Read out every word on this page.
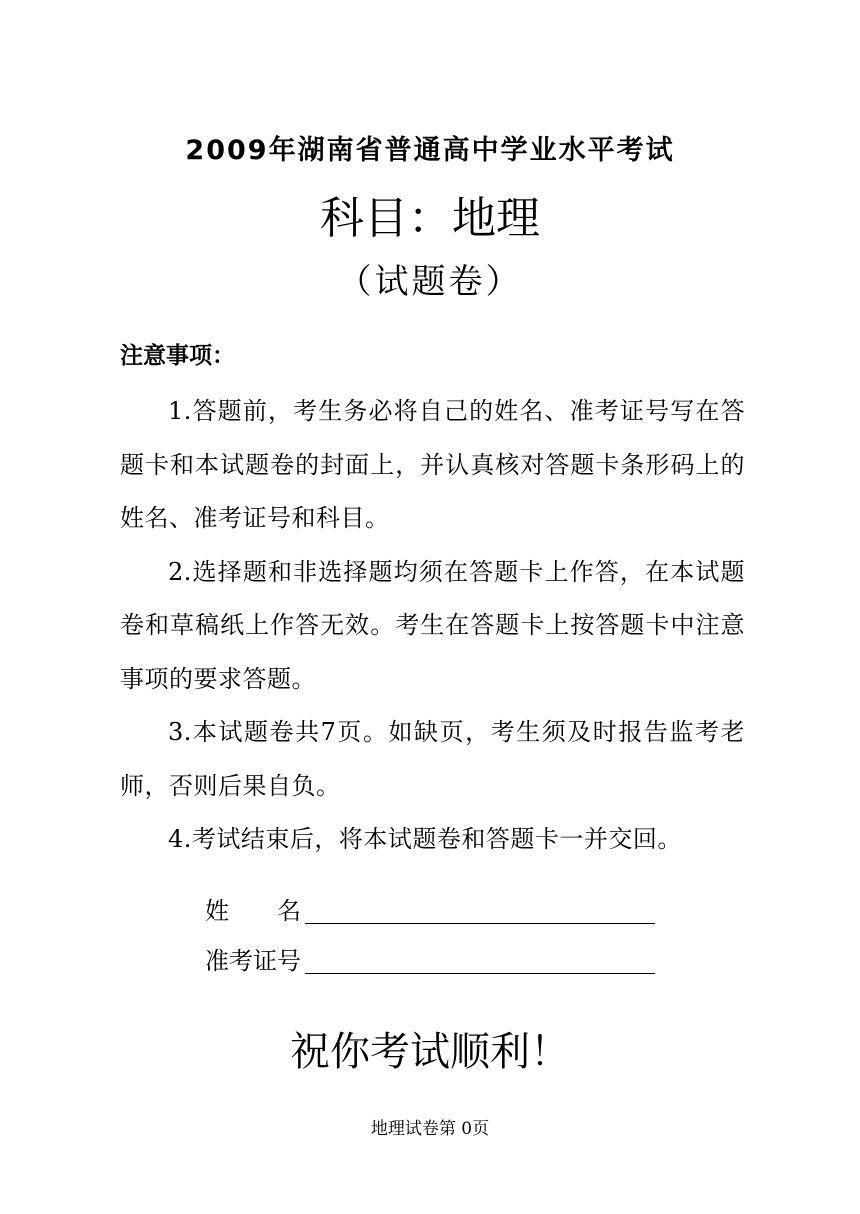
2009年湖南省普通高中学业水平考试
科目：地理
（试题卷）

注意事项：

1.答题前，考生务必将自己的姓名、准考证号写在答题卡和本试题卷的封面上，并认真核对答题卡条形码上的姓名、准考证号和科目。

2.选择题和非选择题均须在答题卡上作答，在本试题卷和草稿纸上作答无效。考生在答题卡上按答题卡中注意事项的要求答题。

3.本试题卷共7页。如缺页，考生须及时报告监考老师，否则后果自负。

4.考试结束后，将本试题卷和答题卡一并交回。

姓　　名
准考证号
祝你考试顺利！
地理试卷第 0页
